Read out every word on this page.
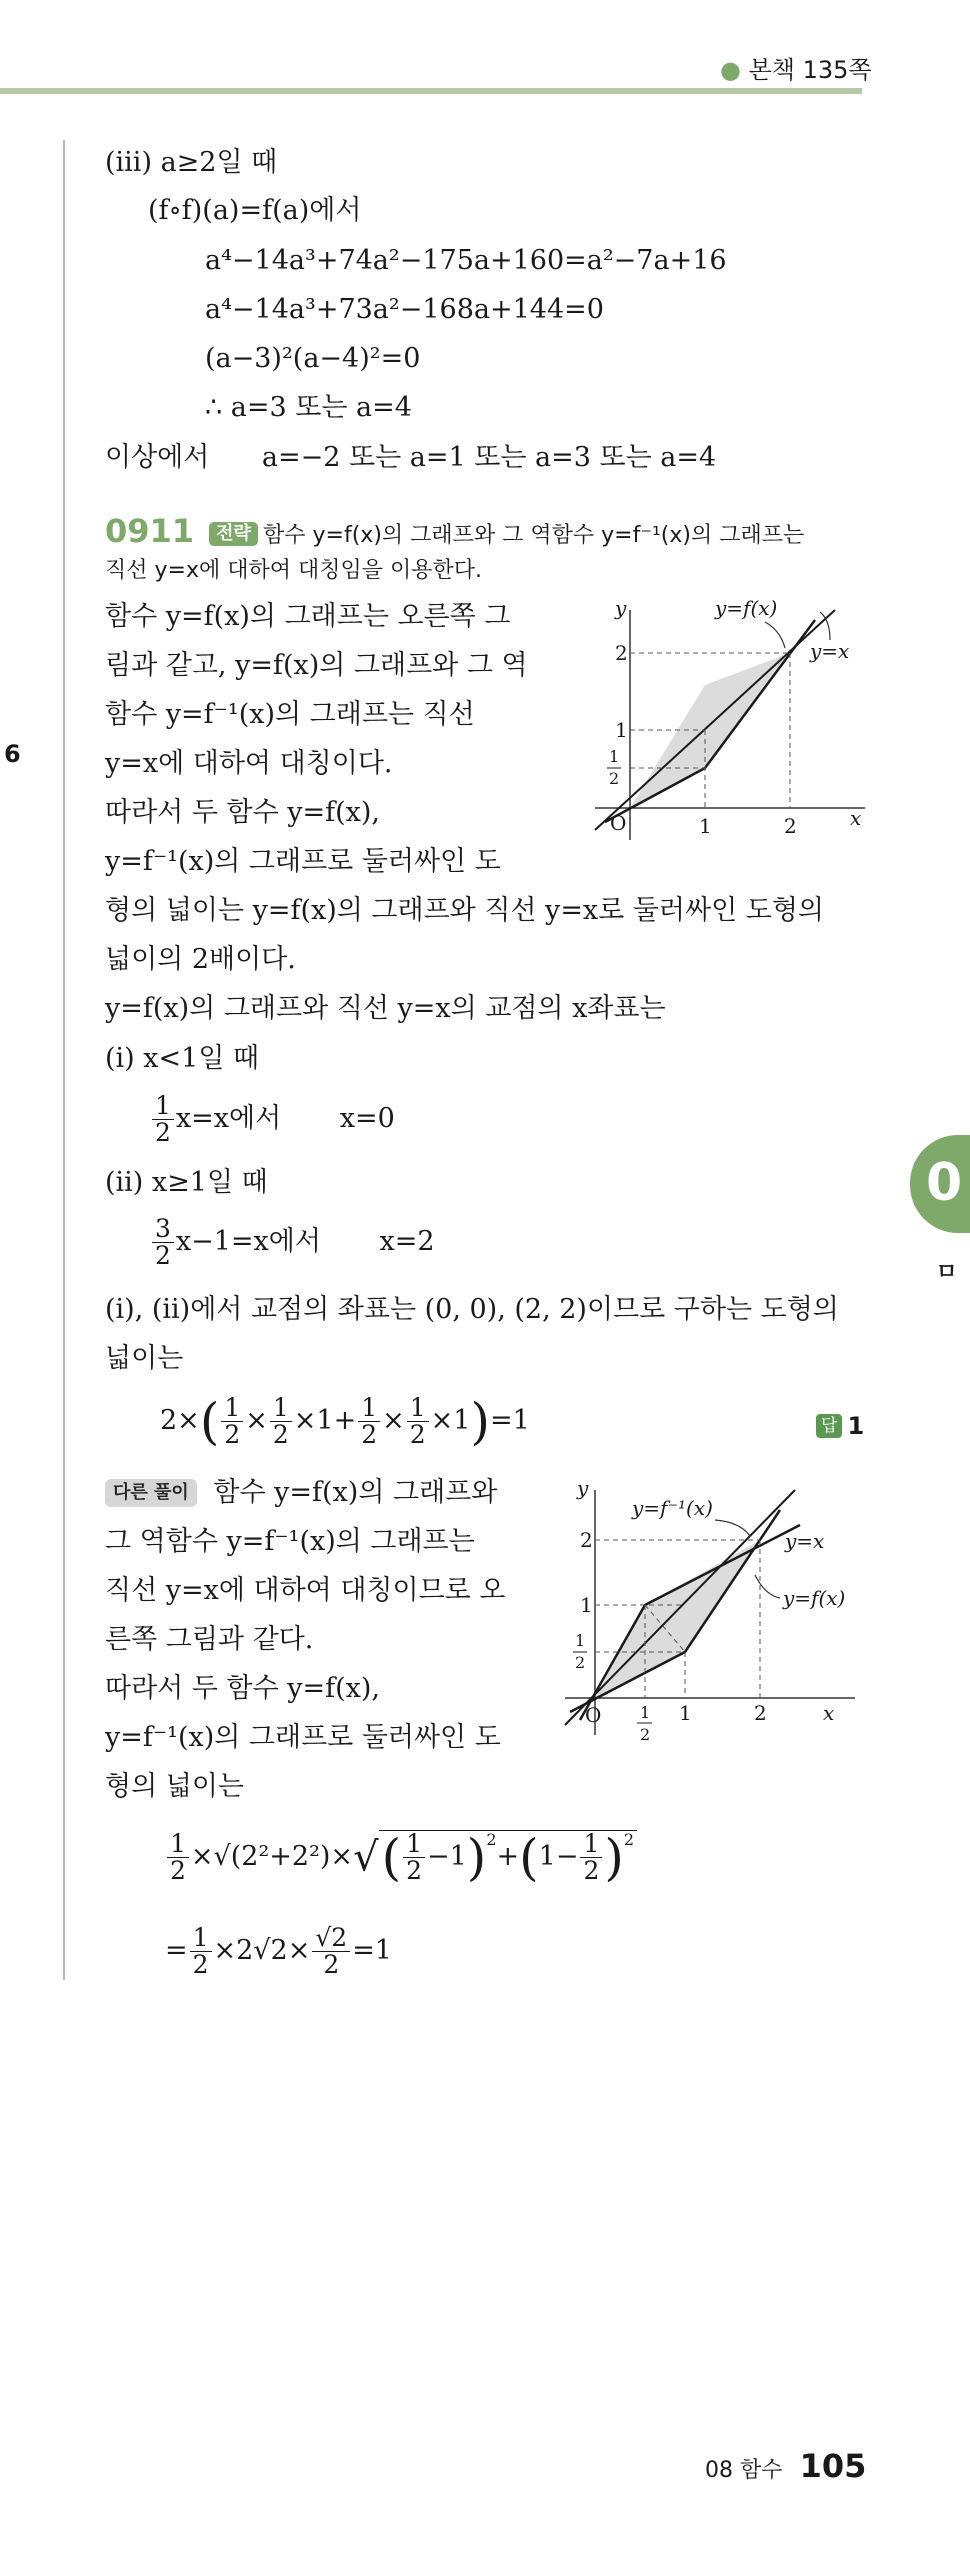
● 본책 135쪽
6
0
ㅁ
(iii) a≥2일 때
(f∘f)(a)=f(a)에서
a⁴−14a³+74a²−175a+160=a²−7a+16
a⁴−14a³+73a²−168a+144=0
(a−3)²(a−4)²=0
∴ a=3 또는 a=4
이상에서 a=−2 또는 a=1 또는 a=3 또는 a=4
0911 전략 함수 y=f(x)의 그래프와 그 역함수 y=f⁻¹(x)의 그래프는
직선 y=x에 대하여 대칭임을 이용한다.
함수 y=f(x)의 그래프는 오른쪽 그
림과 같고, y=f(x)의 그래프와 그 역
함수 y=f⁻¹(x)의 그래프는 직선
y=x에 대하여 대칭이다.
따라서 두 함수 y=f(x),
y=f⁻¹(x)의 그래프로 둘러싸인 도
형의 넓이는 y=f(x)의 그래프와 직선 y=x로 둘러싸인 도형의
넓이의 2배이다.
y=f(x)의 그래프와 직선 y=x의 교점의 x좌표는
(i) x<1일 때
$\frac{1}{2} x=x$에서 x=0
(ii) x≥1일 때
$\frac{3}{2} x-1=x$에서 x=2
(i), (ii)에서 교점의 좌표는 (0, 0), (2, 2)이므로 구하는 도형의
넓이는
$2\times( \frac{1}{2} \times \frac{1}{2} \times 1+ \frac{1}{2} \times \frac{1}{2} \times 1)=1$	답 1
다른 풀이 함수 y=f(x)의 그래프와
그 역함수 y=f⁻¹(x)의 그래프는
직선 y=x에 대하여 대칭이므로 오
른쪽 그림과 같다.
따라서 두 함수 y=f(x),
y=f⁻¹(x)의 그래프로 둘러싸인 도
형의 넓이는
$\frac{1}{2} \times√(2^2+2^2)\times√( \frac{1}{2} -1)^2+(1- \frac{1}{2} )^2$
= $\frac{1}{2} \times 2√2\times \frac{√2}{2} =1$
y
x
O
y=f(x)
y=x
2
1
1
2
1	2
y
x
O
y=f⁻¹(x)
y=x
y=f(x)
2
1
1
2
1
2
1	2
08 함수 105
